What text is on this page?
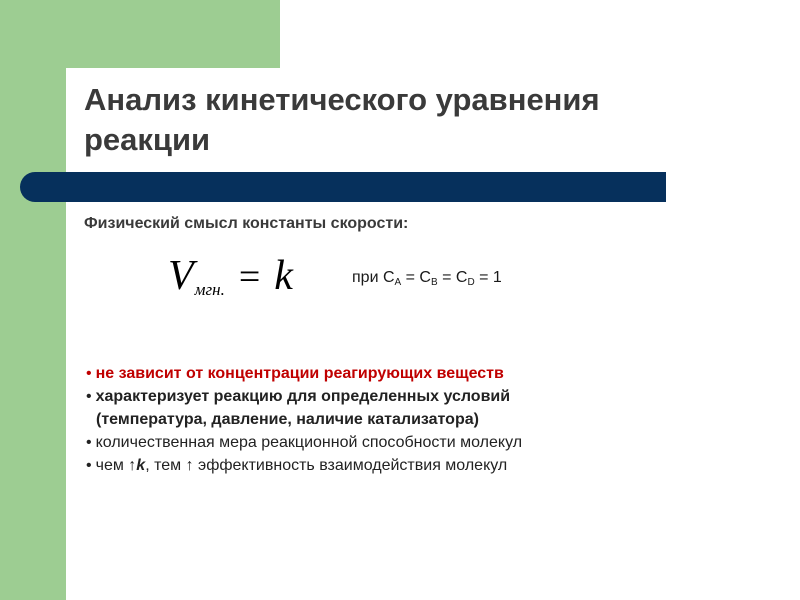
Анализ кинетического уравнения реакции

Физический смысл константы скорости:

Vмгн. = k	при $C_A = C_B = C_D = 1$
• не зависит от концентрации реагирующих веществ
• характеризует реакцию для определенных условий
(температура, давление, наличие катализатора)
• количественная мера реакционной способности молекул
• чем ↑k, тем ↑ эффективность взаимодействия молекул
